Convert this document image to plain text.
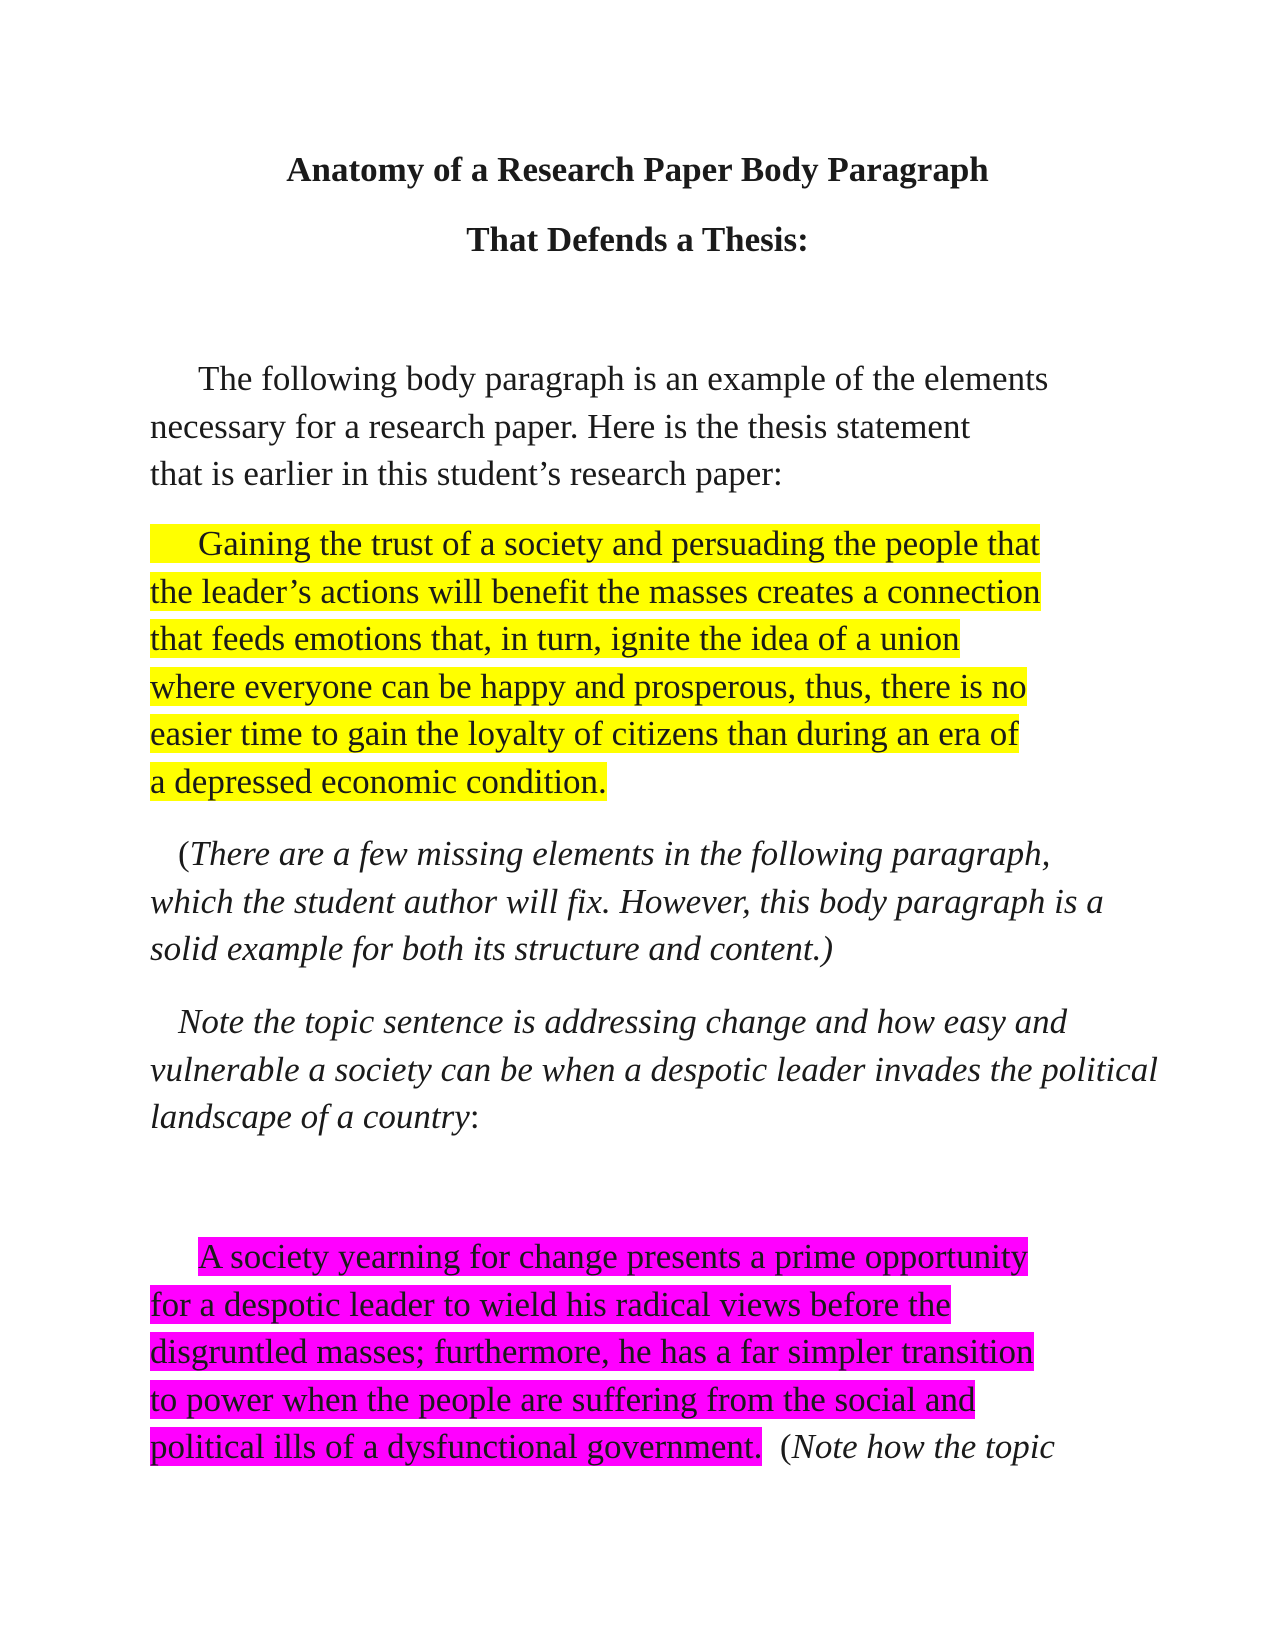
Anatomy of a Research Paper Body Paragraph
That Defends a Thesis:
The following body paragraph is an example of the elements
necessary for a research paper. Here is the thesis statement
that is earlier in this student’s research paper:
Gaining the trust of a society and persuading the people that
the leader’s actions will benefit the masses creates a connection
that feeds emotions that, in turn, ignite the idea of a union
where everyone can be happy and prosperous, thus, there is no
easier time to gain the loyalty of citizens than during an era of
a depressed economic condition.
(There are a few missing elements in the following paragraph,
which the student author will fix. However, this body paragraph is a
solid example for both its structure and content.)
Note the topic sentence is addressing change and how easy and
vulnerable a society can be when a despotic leader invades the political
landscape of a country:
A society yearning for change presents a prime opportunity
for a despotic leader to wield his radical views before the
disgruntled masses; furthermore, he has a far simpler transition
to power when the people are suffering from the social and
political ills of a dysfunctional government. (Note how the topic
